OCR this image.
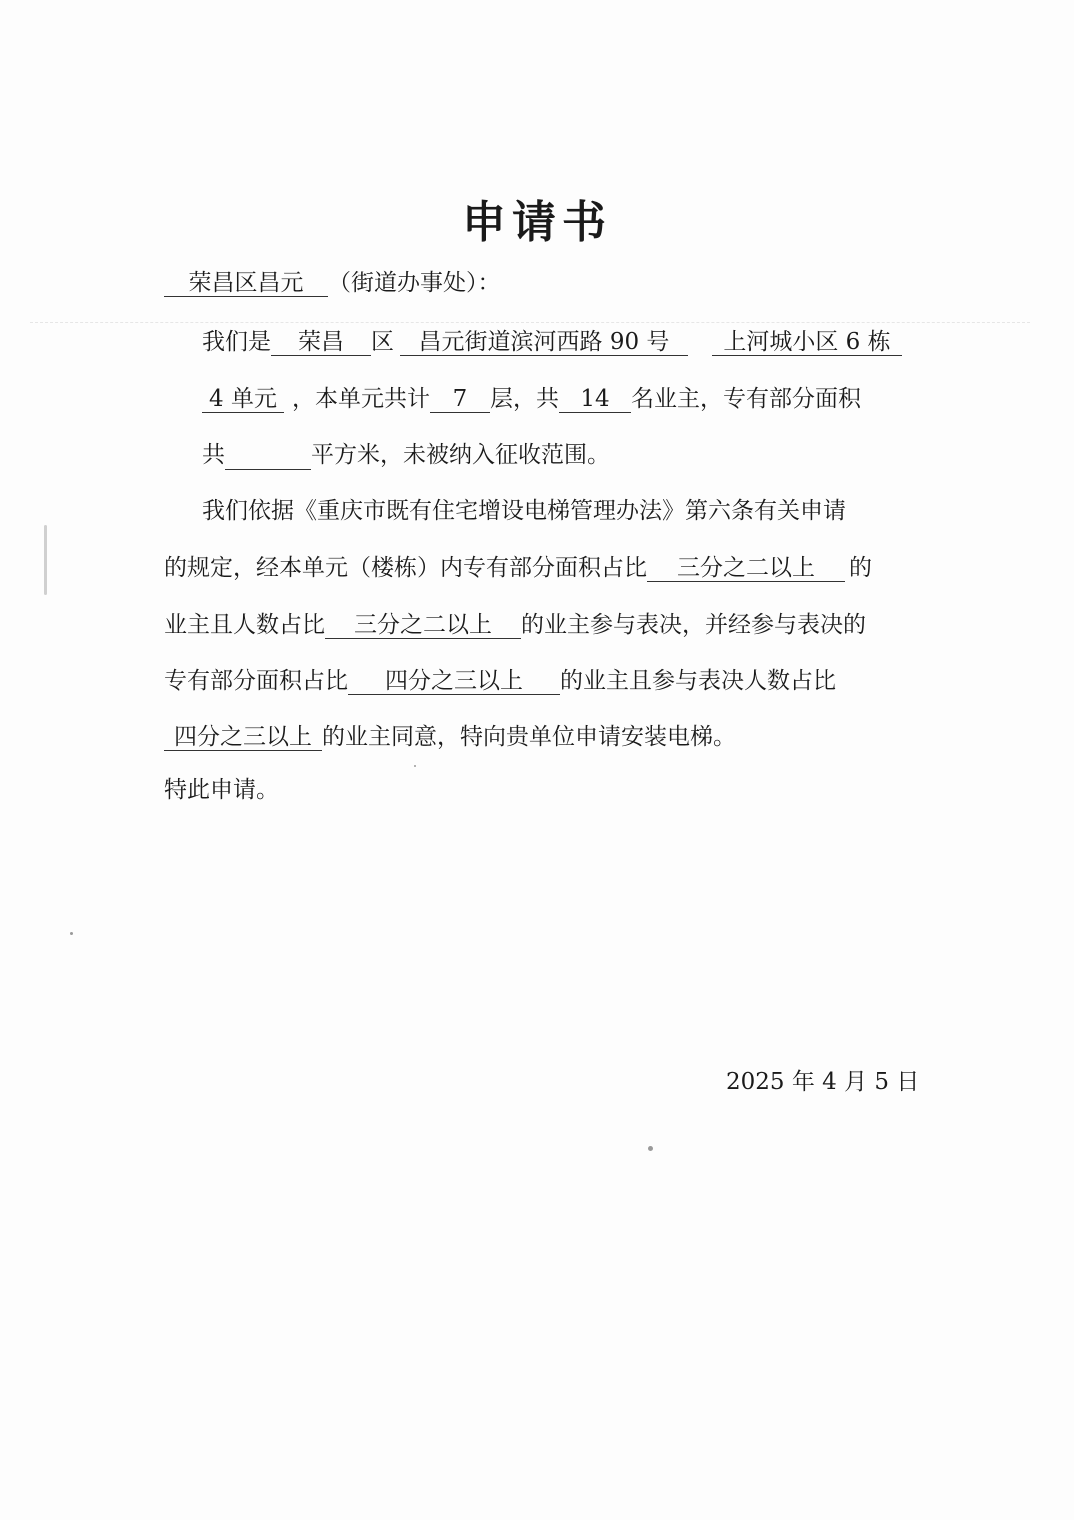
申请书
荣昌区昌元 （街道办事处）：
我们是 荣昌 区 昌元街道滨河西路 90 号 上河城小区 6 栋
4 单元 ，本单元共计 7 层，共 14 名业主，专有部分面积
共	平方米，未被纳入征收范围。
我们依据《重庆市既有住宅增设电梯管理办法》第六条有关申请
的规定，经本单元（楼栋）内专有部分面积占比 三分之二以上 的
业主且人数占比 三分之二以上 的业主参与表决，并经参与表决的
专有部分面积占比 四分之三以上 的业主且参与表决人数占比
四分之三以上 的业主同意，特向贵单位申请安装电梯。
特此申请。
2025 年 4 月 5 日
